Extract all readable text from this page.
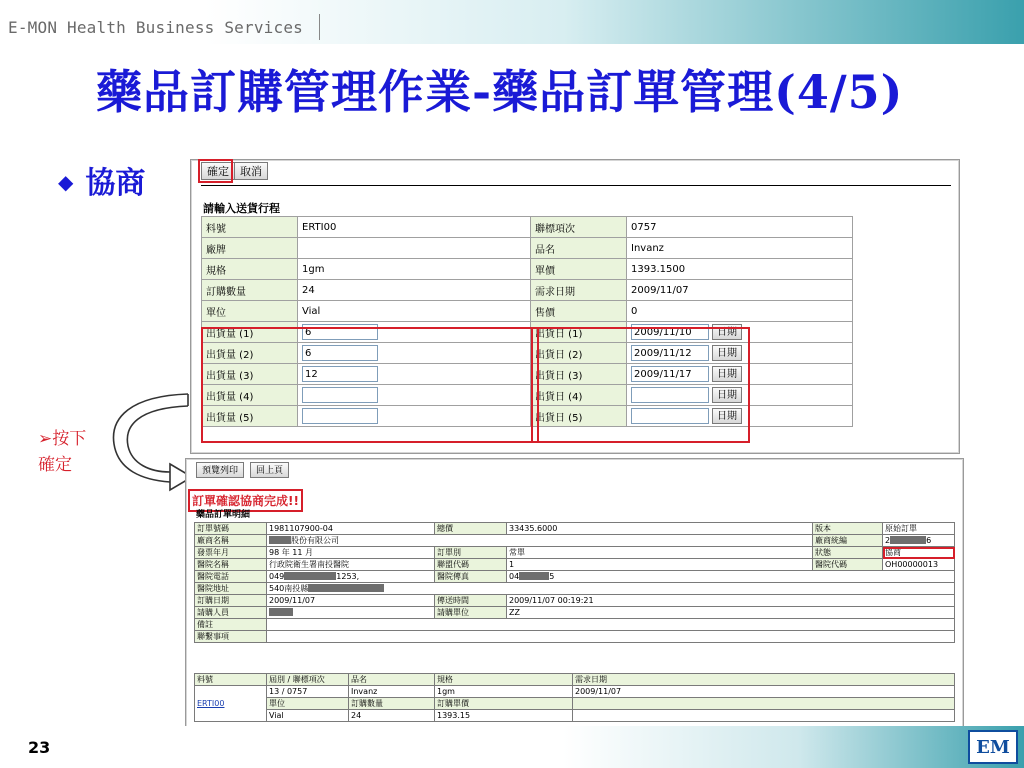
E-MON Health Business Services
藥品訂購管理作業-藥品訂單管理(4/5)
◆ 協商	確定	取消
請輸入送貨行程
料號	ERTI00	聯標項次	0757
廠牌		品名	Invanz
規格	1gm	單價	1393.1500
訂購數量	24	需求日期	2009/11/07
單位	Vial	售價	0
出貨量 (1)	6	出貨日 (1)	2009/11/10 日期
出貨量 (2)	6	出貨日 (2)	2009/11/12 日期
出貨量 (3)	12	出貨日 (3)	2009/11/17 日期
出貨量 (4)		出貨日 (4)	日期
出貨量 (5)		出貨日 (5)	日期
➢按下
確定	預覽列印	回上頁
訂單確認協商完成!!
藥品訂單明細
訂單號碼	1981107900-04	總價	33435.6000	版本	原始訂單
廠商名稱	股份有限公司			廠商統編	2 6
發票年月	98 年 11 月	訂單別	常單	狀態	協商
醫院名稱	行政院衛生署南投醫院	聯盟代碼	1	醫院代碼	OH00000013
醫院電話	049 1253,	醫院傳真	04 5		
醫院地址	540南投縣				
訂購日期	2009/11/07	傳送時間	2009/11/07 00:19:21		
請購人員		請購單位	ZZ		
備註					
聯繫事項					
料號	屆別 / 聯標項次	品名	規格	需求日期
ERTI00	13 / 0757	Invanz	1gm	2009/11/07
	單位	訂購數量	訂購單價	
	Vial	24	1393.15	
23	EM
